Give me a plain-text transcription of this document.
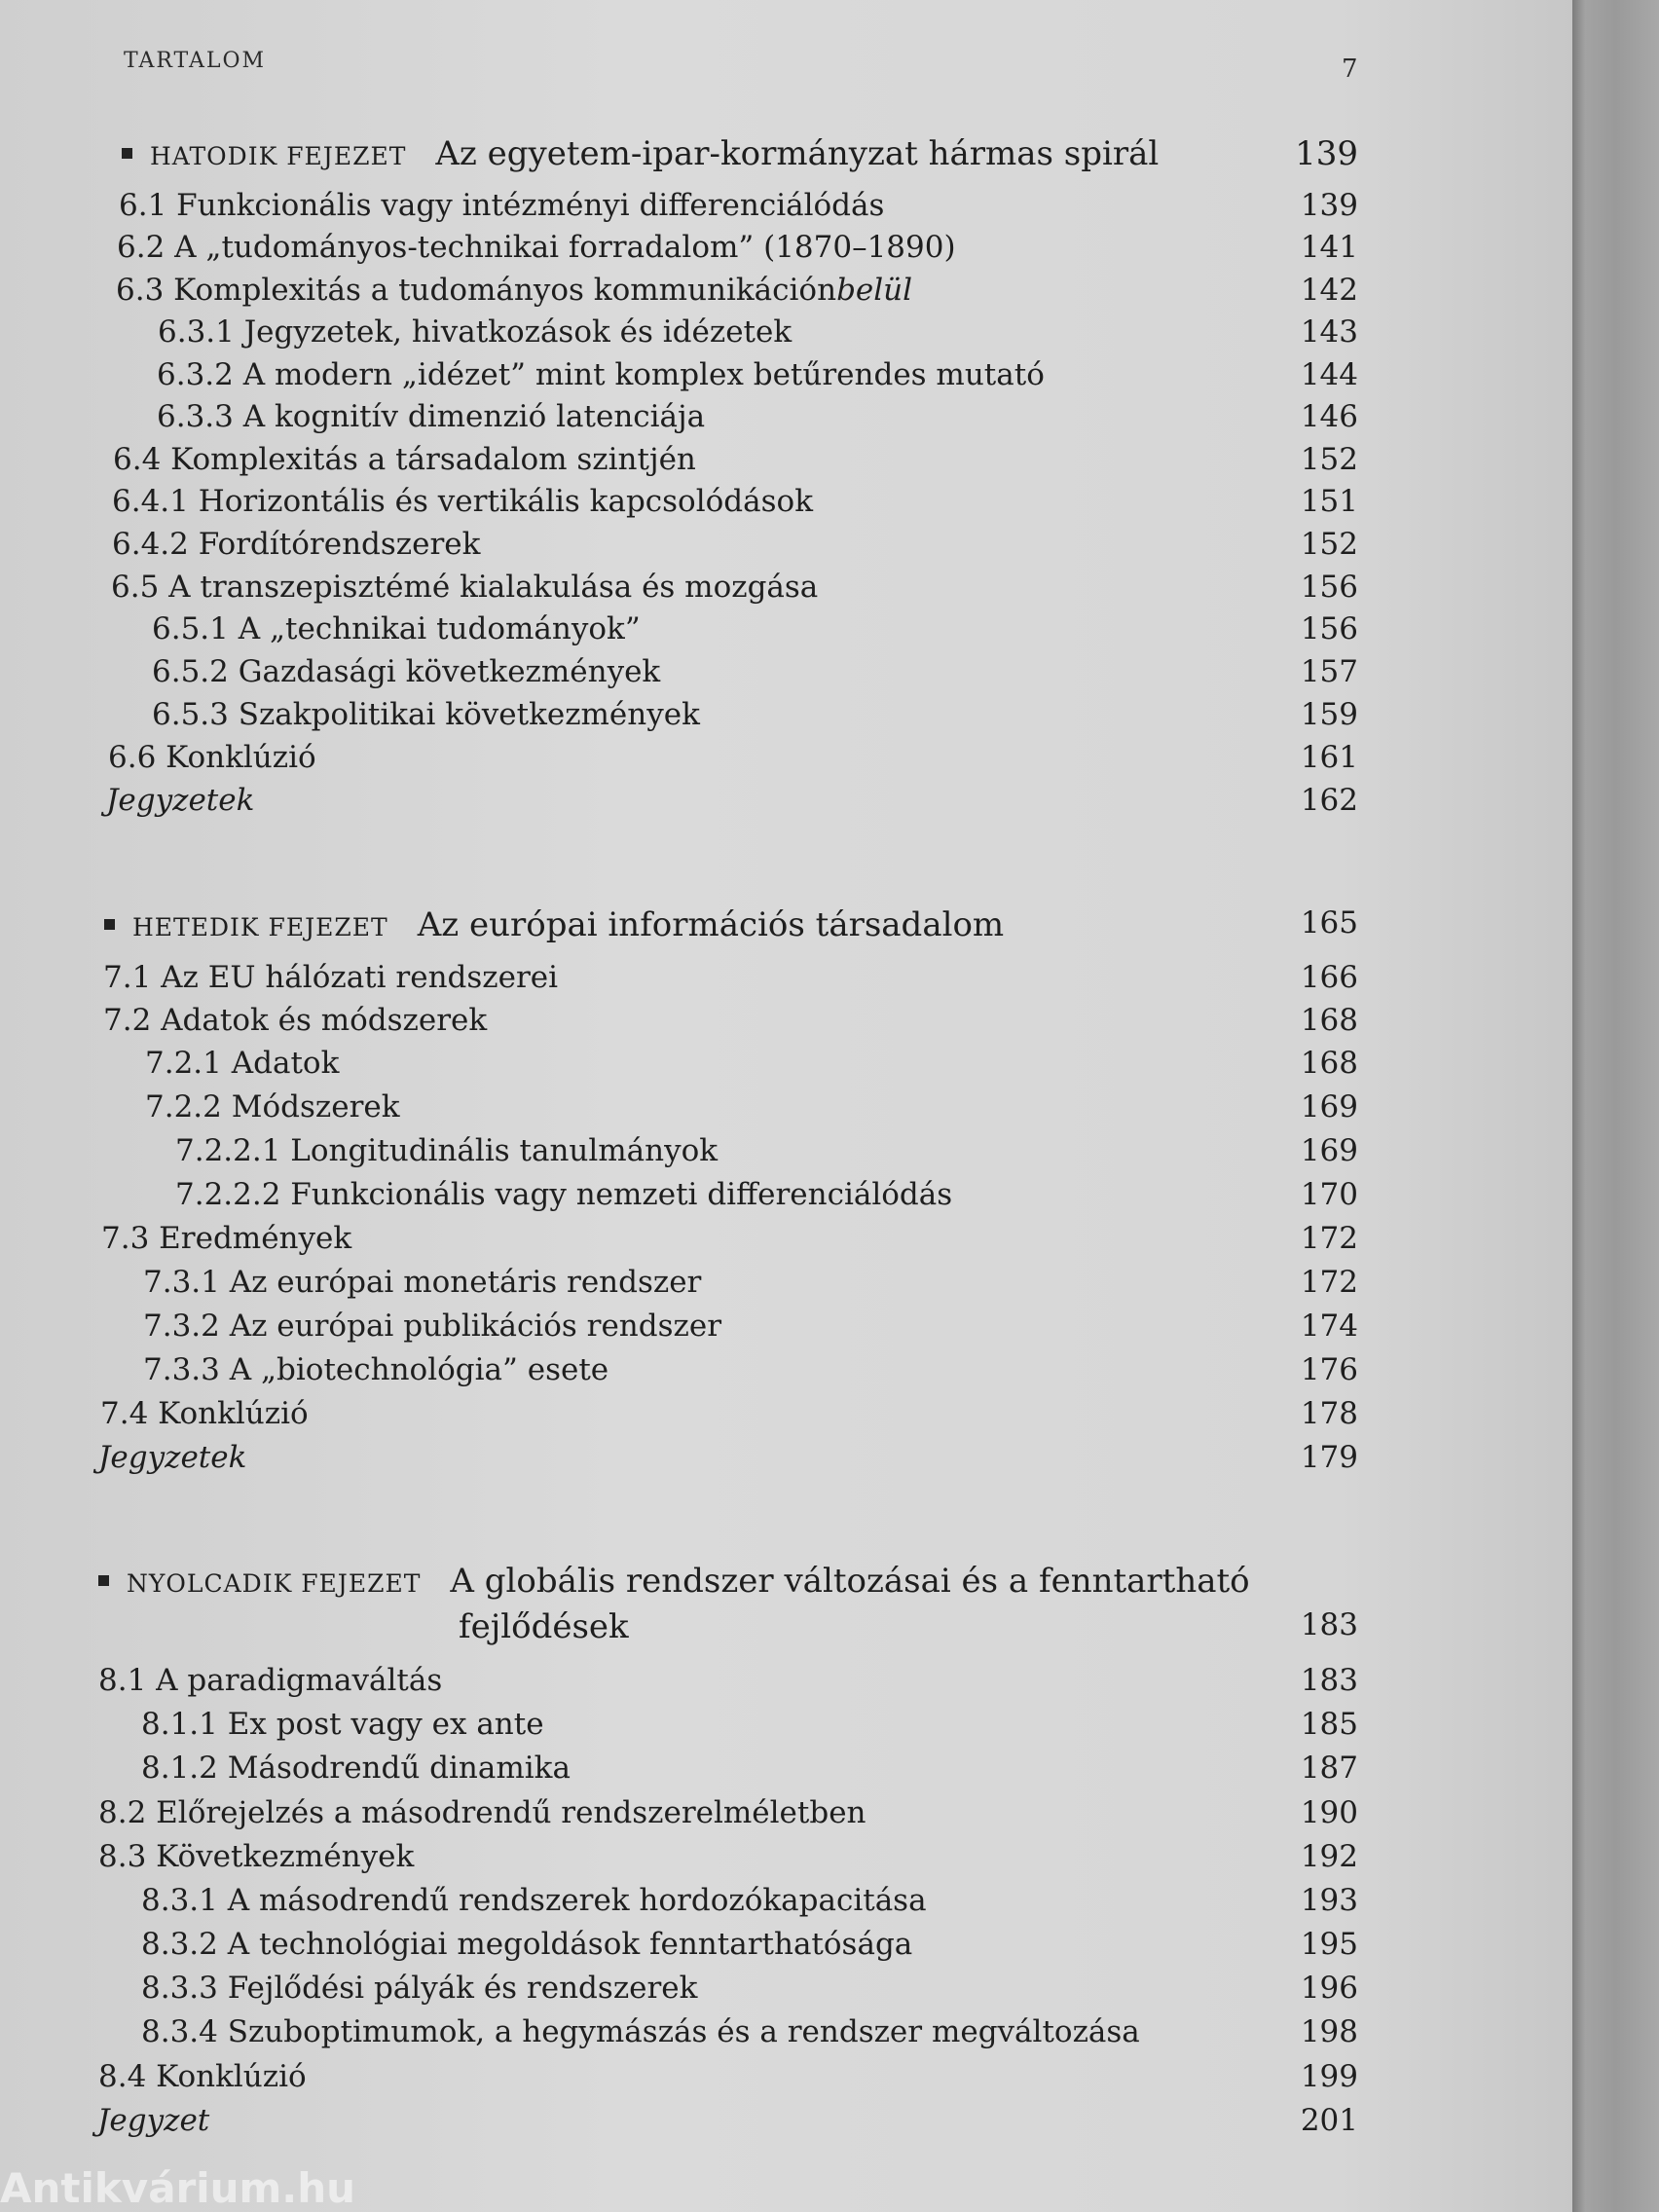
TARTALOM	7
HATODIK FEJEZET Az egyetem-ipar-kormányzat hármas spirál	139
6.1 Funkcionális vagy intézményi differenciálódás	139
6.2 A „tudományos-technikai forradalom” (1870–1890)	141
6.3 Komplexitás a tudományos kommunikáción belül	142
6.3.1 Jegyzetek, hivatkozások és idézetek	143
6.3.2 A modern „idézet” mint komplex betűrendes mutató	144
6.3.3 A kognitív dimenzió latenciája	146
6.4 Komplexitás a társadalom szintjén	152
6.4.1 Horizontális és vertikális kapcsolódások	151
6.4.2 Fordítórendszerek	152
6.5 A transzepisztémé kialakulása és mozgása	156
6.5.1 A „technikai tudományok”	156
6.5.2 Gazdasági következmények	157
6.5.3 Szakpolitikai következmények	159
6.6 Konklúzió	161
Jegyzetek	162
HETEDIK FEJEZET Az európai információs társadalom	165
7.1 Az EU hálózati rendszerei	166
7.2 Adatok és módszerek	168
7.2.1 Adatok	168
7.2.2 Módszerek	169
7.2.2.1 Longitudinális tanulmányok	169
7.2.2.2 Funkcionális vagy nemzeti differenciálódás	170
7.3 Eredmények	172
7.3.1 Az európai monetáris rendszer	172
7.3.2 Az európai publikációs rendszer	174
7.3.3 A „biotechnológia” esete	176
7.4 Konklúzió	178
Jegyzetek	179
NYOLCADIK FEJEZET A globális rendszer változásai és a fenntartható
fejlődések	183
8.1 A paradigmaváltás	183
8.1.1 Ex post vagy ex ante	185
8.1.2 Másodrendű dinamika	187
8.2 Előrejelzés a másodrendű rendszerelméletben	190
8.3 Következmények	192
8.3.1 A másodrendű rendszerek hordozókapacitása	193
8.3.2 A technológiai megoldások fenntarthatósága	195
8.3.3 Fejlődési pályák és rendszerek	196
8.3.4 Szuboptimumok, a hegymászás és a rendszer megváltozása	198
8.4 Konklúzió	199
Jegyzet	201
Antikvárium.hu
